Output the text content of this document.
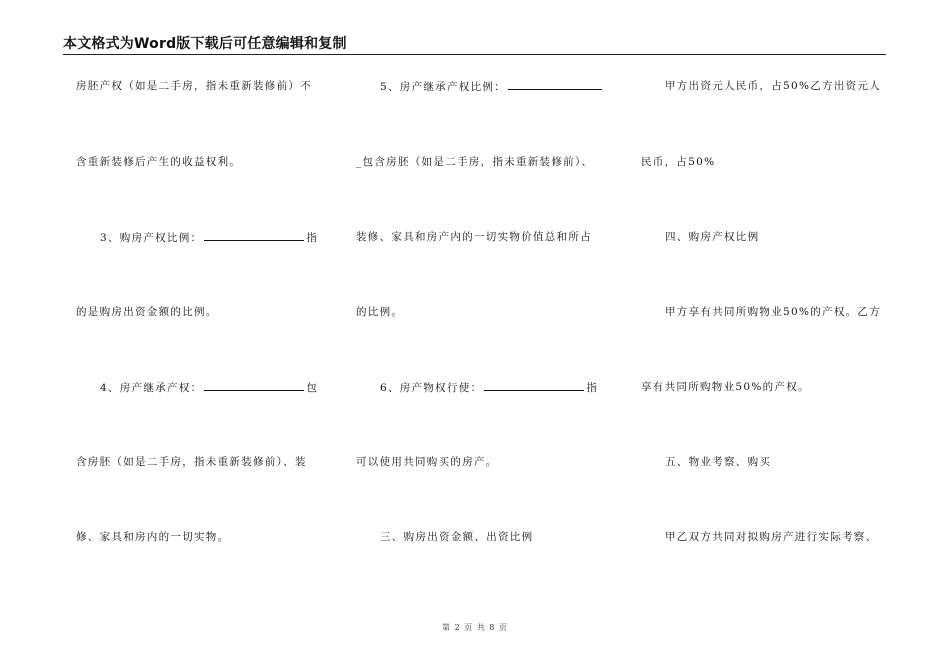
本文格式为Word版下载后可任意编辑和复制
房胚产权（如是二手房，指未重新装修前）不
含重新装修后产生的收益权利。
3、购房产权比例：	指
的是购房出资金额的比例。
4、房产继承产权：	包
含房胚（如是二手房，指未重新装修前）、装
修、家具和房内的一切实物。
5、房产继承产权比例：
_包含房胚（如是二手房，指未重新装修前）、
装修、家具和房产内的一切实物价值总和所占
的比例。
6、房产物权行使：	指
可以使用共同购买的房产。
三、购房出资金额、出资比例
甲方出资元人民币，占50%乙方出资元人
民币，占50%
四、购房产权比例
甲方享有共同所购物业50%的产权。乙方
享有共同所购物业50%的产权。
五、物业考察、购买
甲乙双方共同对拟购房产进行实际考察、
第 2 页 共 8 页
